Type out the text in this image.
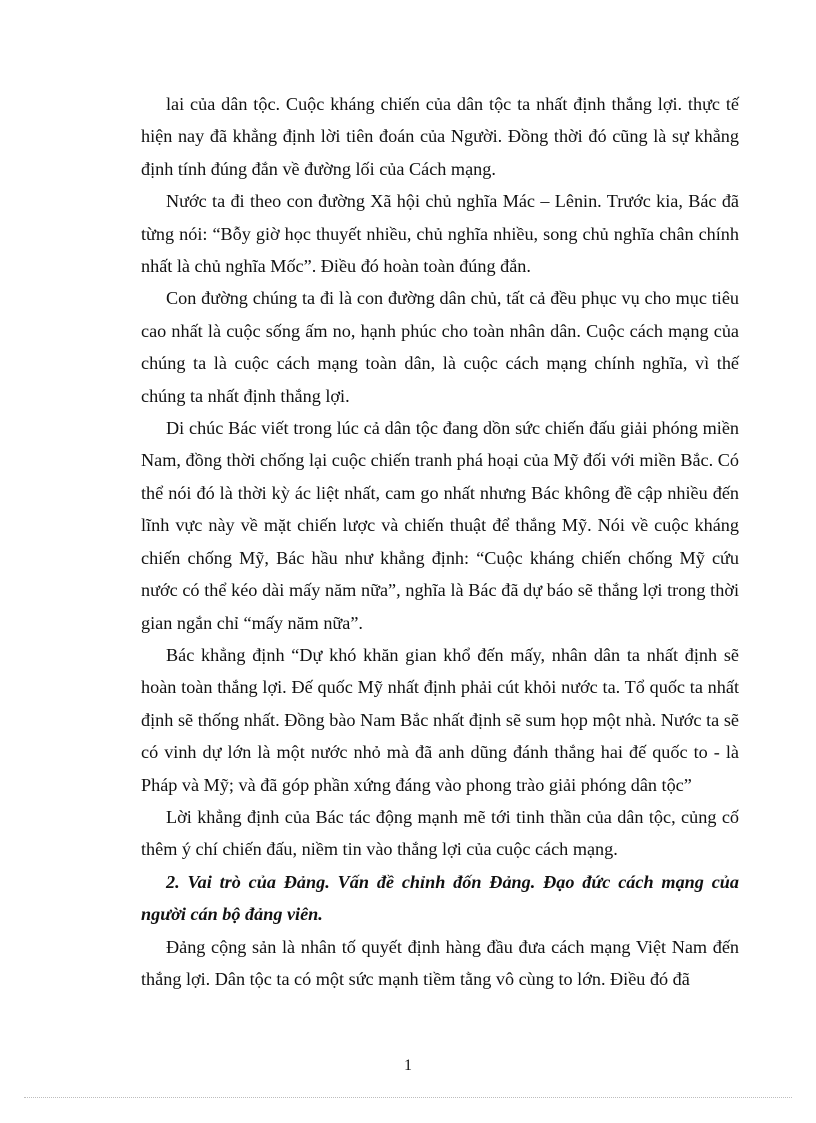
lai của dân tộc. Cuộc kháng chiến của dân tộc ta nhất định thắng lợi. thực tế hiện nay đã khẳng định lời tiên đoán của Người. Đồng thời đó cũng là sự khẳng định tính đúng đắn về đường lối của Cách mạng.

Nước ta đi theo con đường Xã hội chủ nghĩa Mác – Lênin. Trước kia, Bác đã từng nói: “Bỗy giờ học thuyết nhiều, chủ nghĩa nhiều, song chủ nghĩa chân chính nhất là chủ nghĩa Mốc”. Điều đó hoàn toàn đúng đắn.

Con đường chúng ta đi là con đường dân chủ, tất cả đều phục vụ cho mục tiêu cao nhất là cuộc sống ấm no, hạnh phúc cho toàn nhân dân. Cuộc cách mạng của chúng ta là cuộc cách mạng toàn dân, là cuộc cách mạng chính nghĩa, vì thế chúng ta nhất định thắng lợi.

Di chúc Bác viết trong lúc cả dân tộc đang dồn sức chiến đấu giải phóng miền Nam, đồng thời chống lại cuộc chiến tranh phá hoại của Mỹ đối với miền Bắc. Có thể nói đó là thời kỳ ác liệt nhất, cam go nhất nhưng Bác không đề cập nhiều đến lĩnh vực này về mặt chiến lược và chiến thuật để thắng Mỹ. Nói về cuộc kháng chiến chống Mỹ, Bác hầu như khẳng định: “Cuộc kháng chiến chống Mỹ cứu nước có thể kéo dài mấy năm nữa”, nghĩa là Bác đã dự báo sẽ thắng lợi trong thời gian ngắn chỉ “mấy năm nữa”.

Bác khẳng định “Dự khó khăn gian khổ đến mấy, nhân dân ta nhất định sẽ hoàn toàn thắng lợi. Đế quốc Mỹ nhất định phải cút khỏi nước ta. Tổ quốc ta nhất định sẽ thống nhất. Đồng bào Nam Bắc nhất định sẽ sum họp một nhà. Nước ta sẽ có vinh dự lớn là một nước nhỏ mà đã anh dũng đánh thắng hai đế quốc to - là Pháp và Mỹ; và đã góp phần xứng đáng vào phong trào giải phóng dân tộc”

Lời khẳng định của Bác tác động mạnh mẽ tới tinh thần của dân tộc, củng cố thêm ý chí chiến đấu, niềm tin vào thắng lợi của cuộc cách mạng.

2. Vai trò của Đảng. Vấn đề chỉnh đốn Đảng. Đạo đức cách mạng của người cán bộ đảng viên.

Đảng cộng sản là nhân tố quyết định hàng đầu đưa cách mạng Việt Nam đến thắng lợi. Dân tộc ta có một sức mạnh tiềm tằng vô cùng to lớn. Điều đó đã

1
